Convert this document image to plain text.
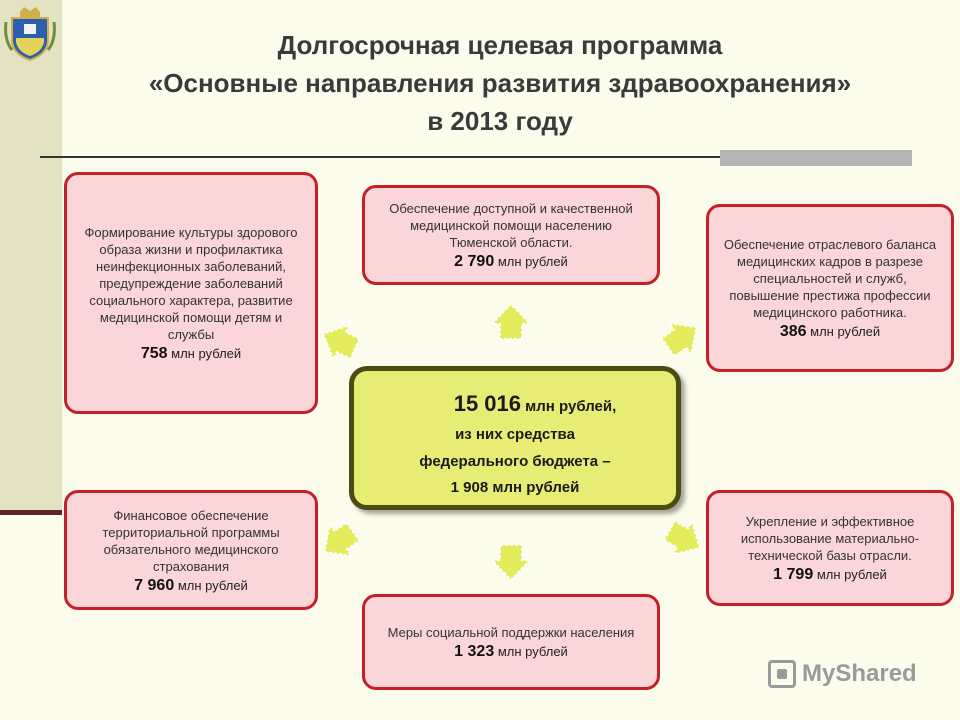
Долгосрочная целевая программа
«Основные направления развития здравоохранения»
в 2013 году
Формирование культуры здорового образа жизни и профилактика неинфекционных заболеваний, предупреждение заболеваний социального характера, развитие медицинской помощи детям и службы
758 млн рублей
Обеспечение доступной и качественной медицинской помощи населению Тюменской области.
2 790 млн рублей
Обеспечение отраслевого баланса медицинских кадров в разрезе специальностей и служб, повышение престижа профессии медицинского работника.
386 млн рублей
15 016 млн рублей,
из них средства
федерального бюджета –
1 908 млн рублей
Финансовое обеспечение территориальной программы обязательного медицинского страхования
7 960 млн рублей
Меры социальной поддержки населения
1 323 млн рублей
Укрепление и эффективное использование материально-технической базы отрасли.
1 799 млн рублей
MyShared
